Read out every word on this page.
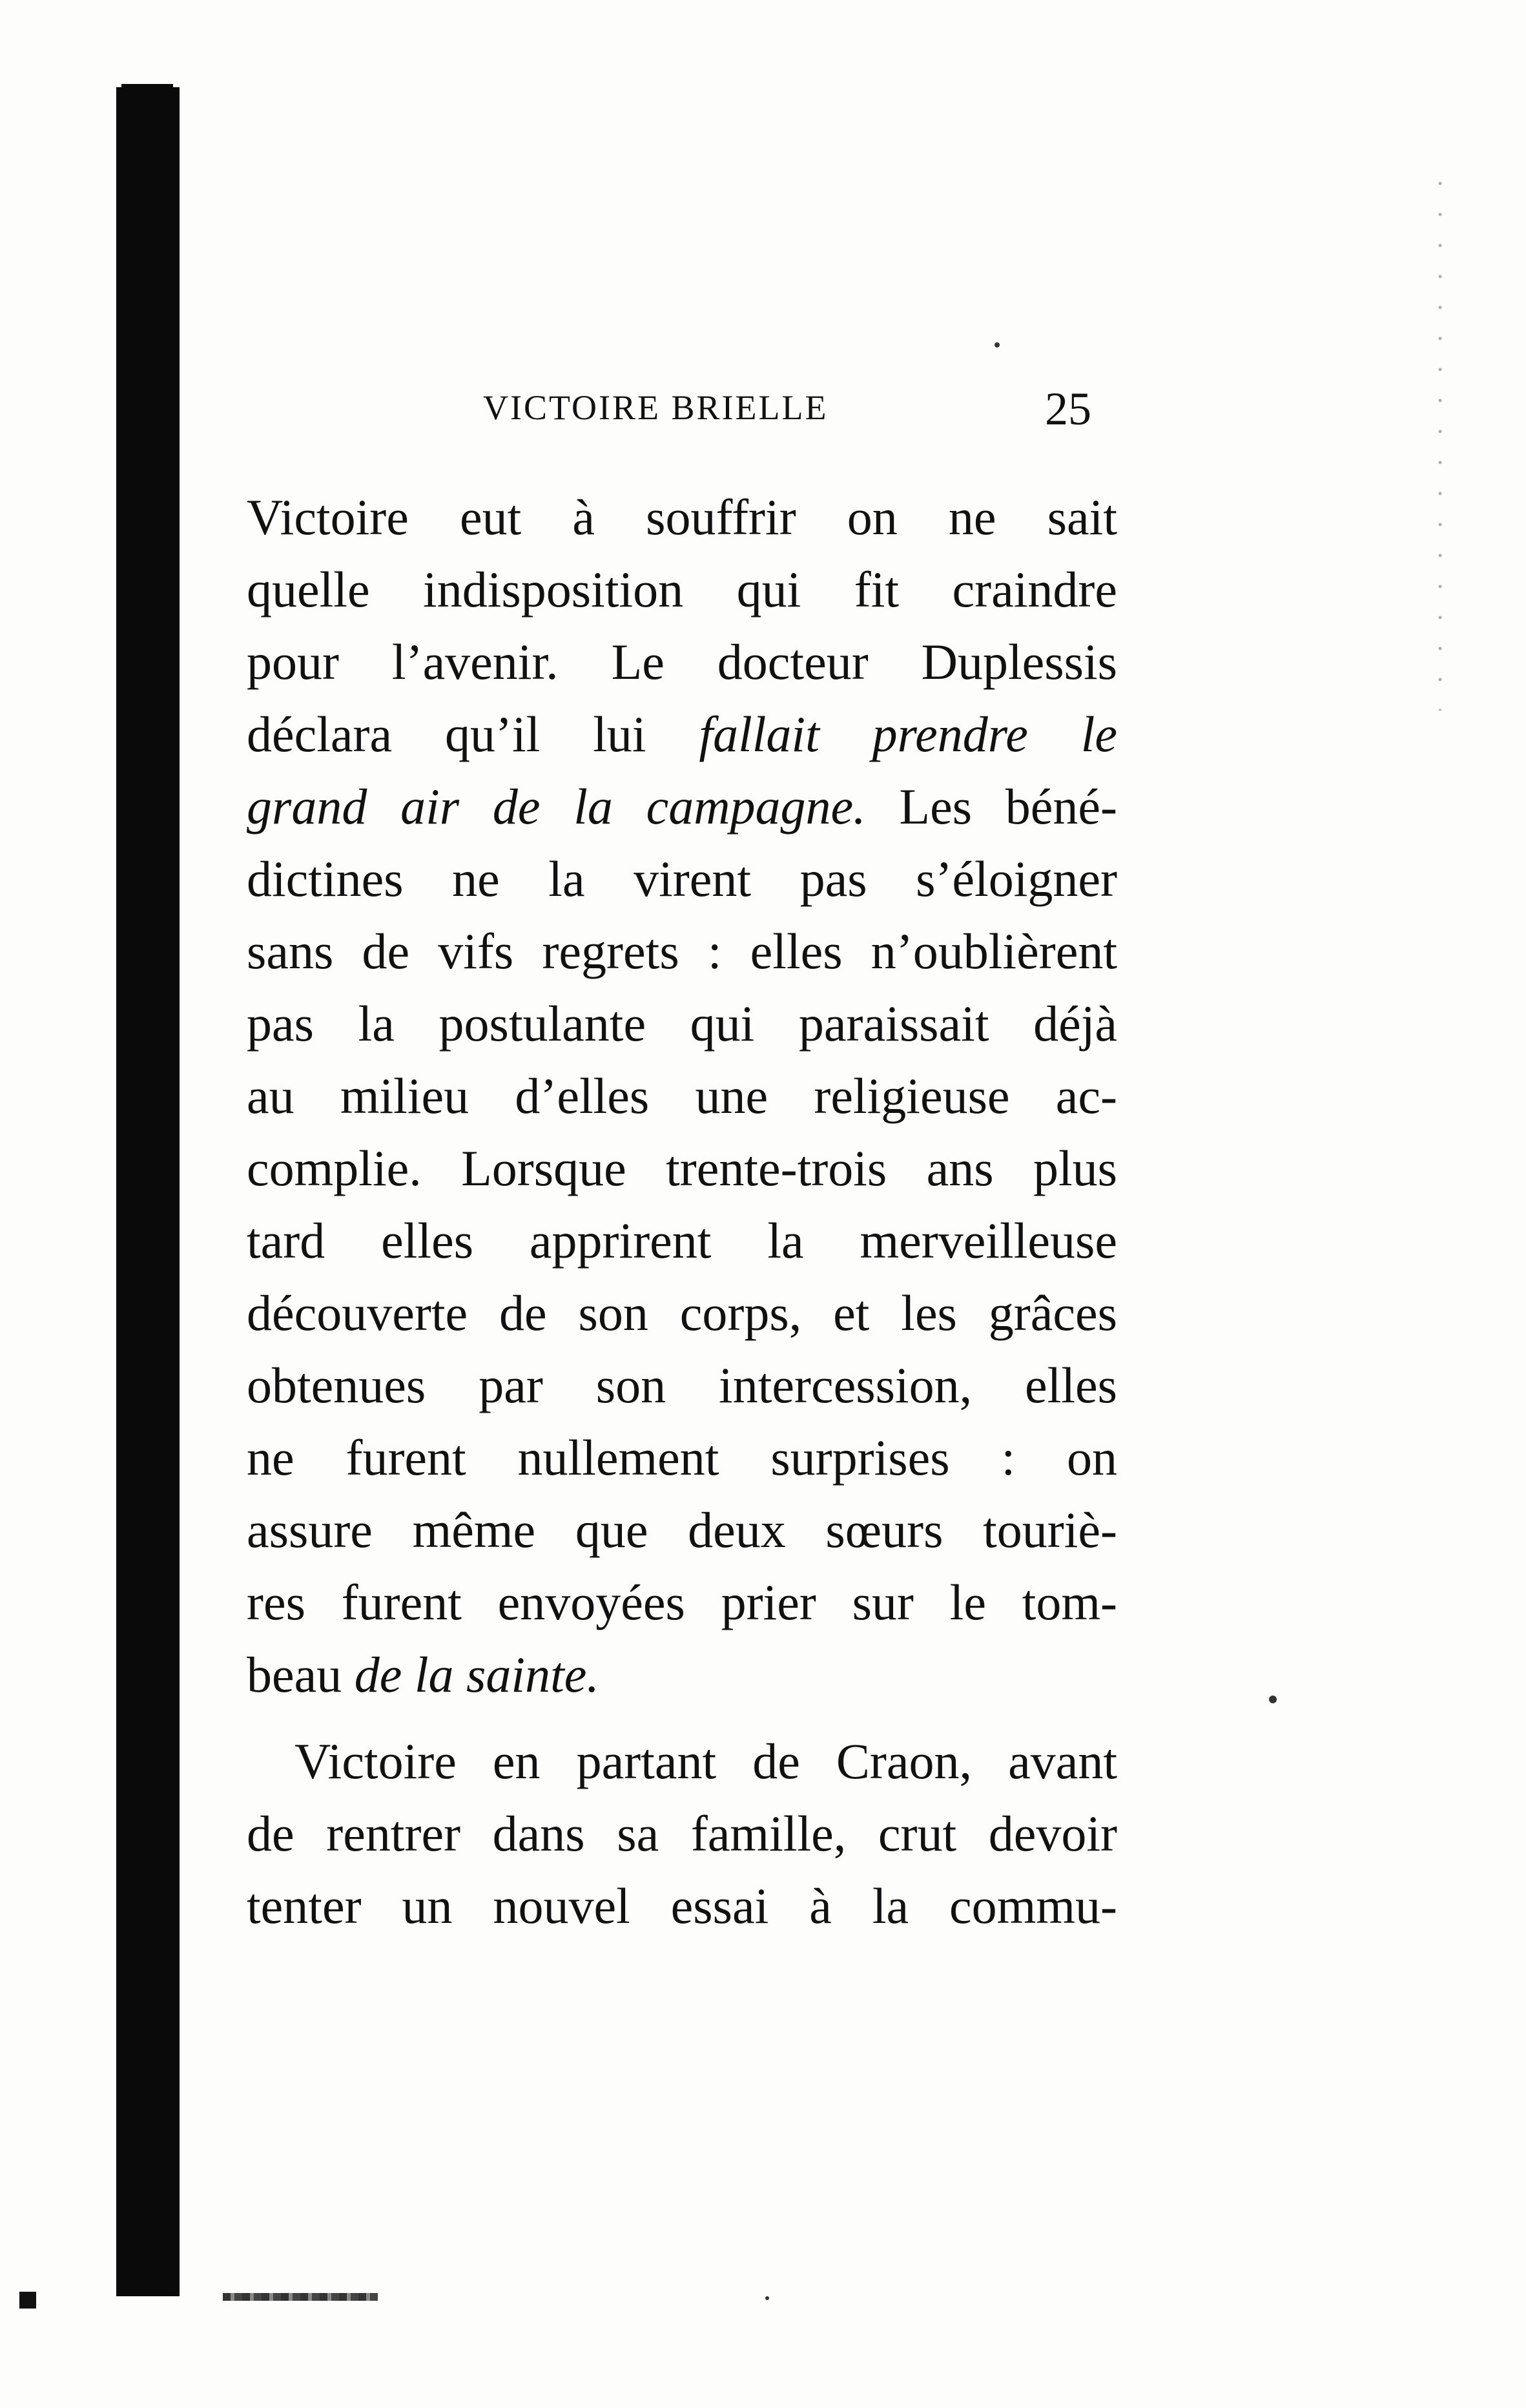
VICTOIRE BRIELLE	25
Victoire eut à souffrir on ne sait
quelle indisposition qui fit craindre
pour l’avenir. Le docteur Duplessis
déclara qu’il lui fallait prendre le
grand air de la campagne. Les béné-
dictines ne la virent pas s’éloigner
sans de vifs regrets : elles n’oublièrent
pas la postulante qui paraissait déjà
au milieu d’elles une religieuse ac-
complie. Lorsque trente-trois ans plus
tard elles apprirent la merveilleuse
découverte de son corps, et les grâces
obtenues par son intercession, elles
ne furent nullement surprises : on
assure même que deux sœurs touriè-
res furent envoyées prier sur le tom-
beau de la sainte.
Victoire en partant de Craon, avant
de rentrer dans sa famille, crut devoir
tenter un nouvel essai à la commu-
